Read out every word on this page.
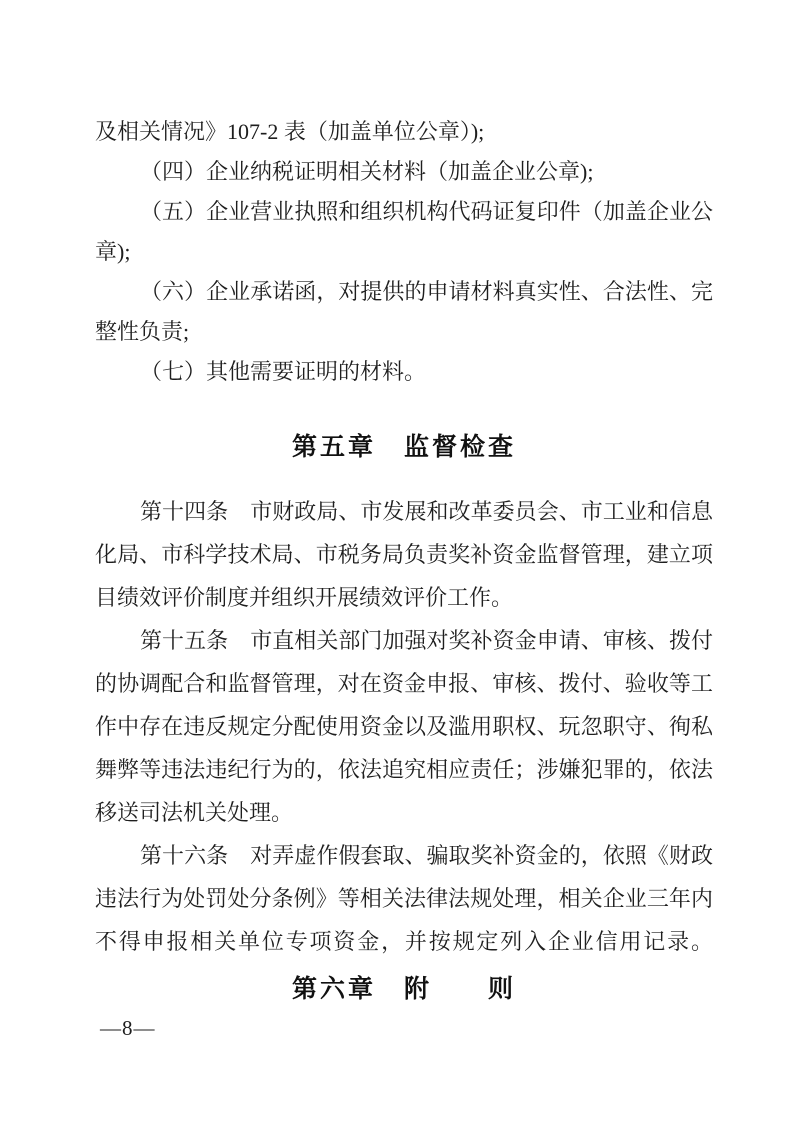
及相关情况》107-2 表（加盖单位公章）);
（四）企业纳税证明相关材料（加盖企业公章);
（五）企业营业执照和组织机构代码证复印件（加盖企业公
章);
（六）企业承诺函，对提供的申请材料真实性、合法性、完
整性负责;
（七）其他需要证明的材料。
第五章　监督检查
第十四条　市财政局、市发展和改革委员会、市工业和信息
化局、市科学技术局、市税务局负责奖补资金监督管理，建立项
目绩效评价制度并组织开展绩效评价工作。
第十五条　市直相关部门加强对奖补资金申请、审核、拨付
的协调配合和监督管理，对在资金申报、审核、拨付、验收等工
作中存在违反规定分配使用资金以及滥用职权、玩忽职守、徇私
舞弊等违法违纪行为的，依法追究相应责任；涉嫌犯罪的，依法
移送司法机关处理。
第十六条　对弄虚作假套取、骗取奖补资金的，依照《财政
违法行为处罚处分条例》等相关法律法规处理，相关企业三年内
不得申报相关单位专项资金，并按规定列入企业信用记录。
第六章　附　　则
—8—
